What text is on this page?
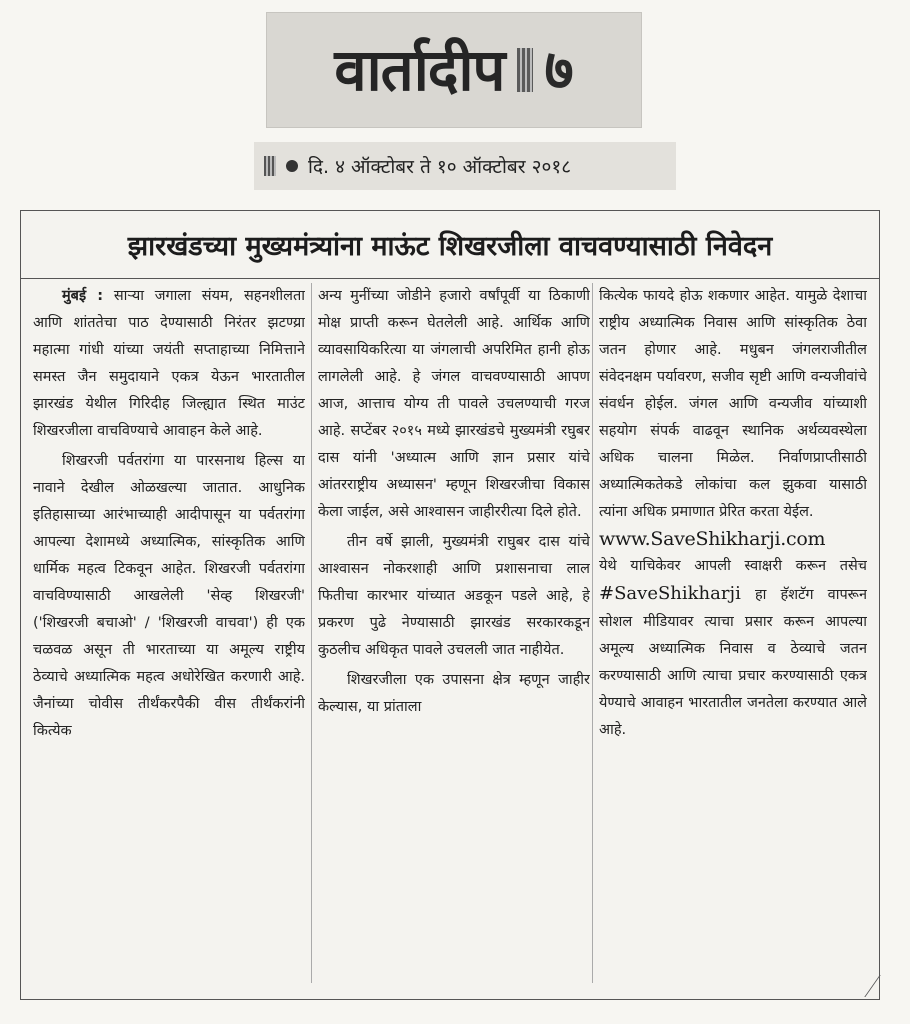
वार्तादीप ७
दि. ४ ऑक्टोबर ते १० ऑक्टोबर २०१८
झारखंडच्या मुख्यमंत्र्यांना माऊंट शिखरजीला वाचवण्यासाठी निवेदन

मुंबई : साऱ्या जगाला संयम, सहनशीलता आणि शांततेचा पाठ देण्यासाठी निरंतर झटण्य्रा महात्मा गांधी यांच्या जयंती सप्ताहाच्या निमित्ताने समस्त जैन समुदायाने एकत्र येऊन भारतातील झारखंड येथील गिरिदीह जिल्ह्यात स्थित माउंट शिखरजीला वाचविण्याचे आवाहन केले आहे.

शिखरजी पर्वतरांगा या पारसनाथ हिल्स या नावाने देखील ओळखल्या जातात. आधुनिक इतिहासाच्या आरंभाच्याही आदीपासून या पर्वतरांगा आपल्या देशामध्ये अध्यात्मिक, सांस्कृतिक आणि धार्मिक महत्व टिकवून आहेत. शिखरजी पर्वतरांगा वाचविण्यासाठी आखलेली 'सेव्ह शिखरजी' ('शिखरजी बचाओ' / 'शिखरजी वाचवा') ही एक चळवळ असून ती भारताच्या या अमूल्य राष्ट्रीय ठेव्याचे अध्यात्मिक महत्व अधोरेखित करणारी आहे. जैनांच्या चोवीस तीर्थंकरपैकी वीस तीर्थंकरांनी कित्येक

अन्य मुनींच्या जोडीने हजारो वर्षांपूर्वी या ठिकाणी मोक्ष प्राप्ती करून घेतलेली आहे. आर्थिक आणि व्यावसायिकरित्या या जंगलाची अपरिमित हानी होऊ लागलेली आहे. हे जंगल वाचवण्यासाठी आपण आज, आत्ताच योग्य ती पावले उचलण्याची गरज आहे. सप्टेंबर २०१५ मध्ये झारखंडचे मुख्यमंत्री रघुबर दास यांनी 'अध्यात्म आणि ज्ञान प्रसार यांचे आंतरराष्ट्रीय अध्यासन' म्हणून शिखरजीचा विकास केला जाईल, असे आश्वासन जाहीररीत्या दिले होते.

तीन वर्षे झाली, मुख्यमंत्री राघुबर दास यांचे आश्वासन नोकरशाही आणि प्रशासनाचा लाल फितीचा कारभार यांच्यात अडकून पडले आहे, हे प्रकरण पुढे नेण्यासाठी झारखंड सरकारकडून कुठलीच अधिकृत पावले उचलली जात नाहीयेत.

शिखरजीला एक उपासना क्षेत्र म्हणून जाहीर केल्यास, या प्रांताला

कित्येक फायदे होऊ शकणार आहेत. यामुळे देशाचा राष्ट्रीय अध्यात्मिक निवास आणि सांस्कृतिक ठेवा जतन होणार आहे. मधुबन जंगलराजीतील संवेदनक्षम पर्यावरण, सजीव सृष्टी आणि वन्यजीवांचे संवर्धन होईल. जंगल आणि वन्यजीव यांच्याशी सहयोग संपर्क वाढवून स्थानिक अर्थव्यवस्थेला अधिक चालना मिळेल. निर्वाणप्राप्तीसाठी अध्यात्मिकतेकडे लोकांचा कल झुकवा यासाठी त्यांना अधिक प्रमाणात प्रेरित करता येईल.

www.SaveShikharji.com

येथे याचिकेवर आपली स्वाक्षरी करून तसेच #SaveShikharji हा हॅशटॅग वापरून सोशल मीडियावर त्याचा प्रसार करून आपल्या अमूल्य अध्यात्मिक निवास व ठेव्याचे जतन करण्यासाठी आणि त्याचा प्रचार करण्यासाठी एकत्र येण्याचे आवाहन भारतातील जनतेला करण्यात आले आहे.
